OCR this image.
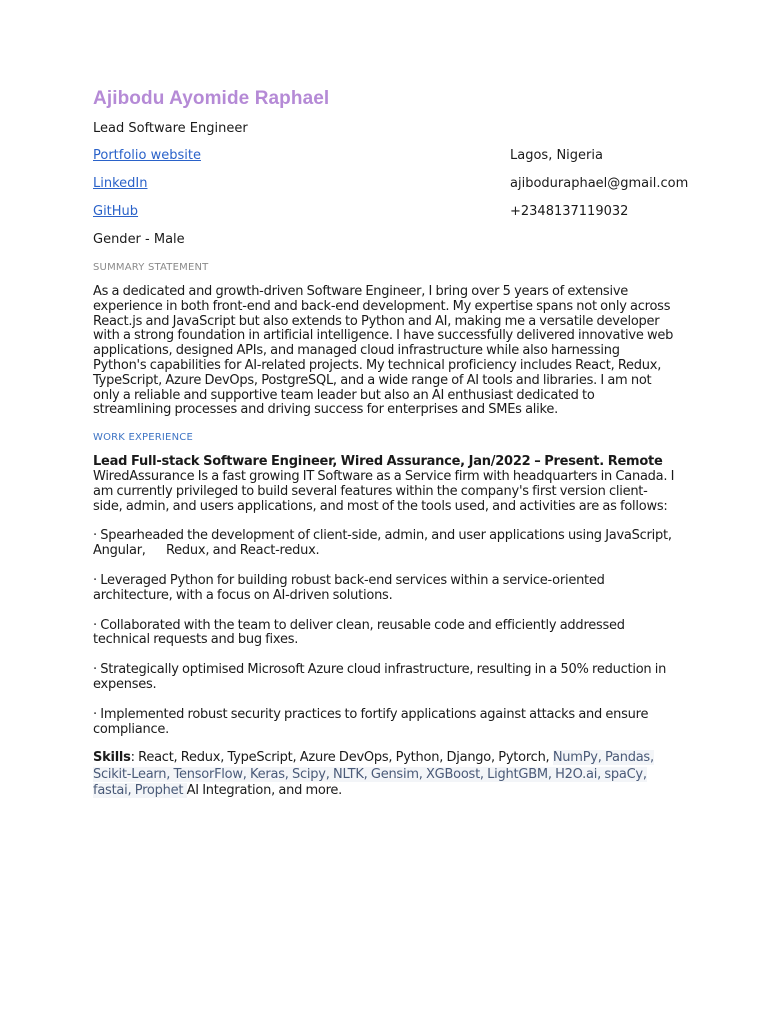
Ajibodu Ayomide Raphael
Lead Software Engineer
Portfolio website	Lagos, Nigeria
LinkedIn	ajiboduraphael@gmail.com
GitHub	+2348137119032
Gender - Male
SUMMARY STATEMENT

As a dedicated and growth-driven Software Engineer, I bring over 5 years of extensive experience in both front-end and back-end development. My expertise spans not only across React.js and JavaScript but also extends to Python and AI, making me a versatile developer with a strong foundation in artificial intelligence. I have successfully delivered innovative web applications, designed APIs, and managed cloud infrastructure while also harnessing Python's capabilities for AI-related projects. My technical proficiency includes React, Redux, TypeScript, Azure DevOps, PostgreSQL, and a wide range of AI tools and libraries. I am not only a reliable and supportive team leader but also an AI enthusiast dedicated to streamlining processes and driving success for enterprises and SMEs alike.

WORK EXPERIENCE

Lead Full-stack Software Engineer, Wired Assurance, Jan/2022 – Present. Remote
WiredAssurance Is a fast growing IT Software as a Service firm with headquarters in Canada. I am currently privileged to build several features within the company's first version client-side, admin, and users applications, and most of the tools used, and activities are as follows:

· Spearheaded the development of client-side, admin, and user applications using JavaScript, Angular,      Redux, and React-redux.

· Leveraged Python for building robust back-end services within a service-oriented architecture, with a focus on AI-driven solutions.

· Collaborated with the team to deliver clean, reusable code and efficiently addressed technical requests and bug fixes.

· Strategically optimised Microsoft Azure cloud infrastructure, resulting in a 50% reduction in expenses.

· Implemented robust security practices to fortify applications against attacks and ensure compliance.

Skills: React, Redux, TypeScript, Azure DevOps, Python, Django, Pytorch, NumPy, Pandas, Scikit-Learn, TensorFlow, Keras, Scipy, NLTK, Gensim, XGBoost, LightGBM, H2O.ai, spaCy, fastai, Prophet AI Integration, and more.
